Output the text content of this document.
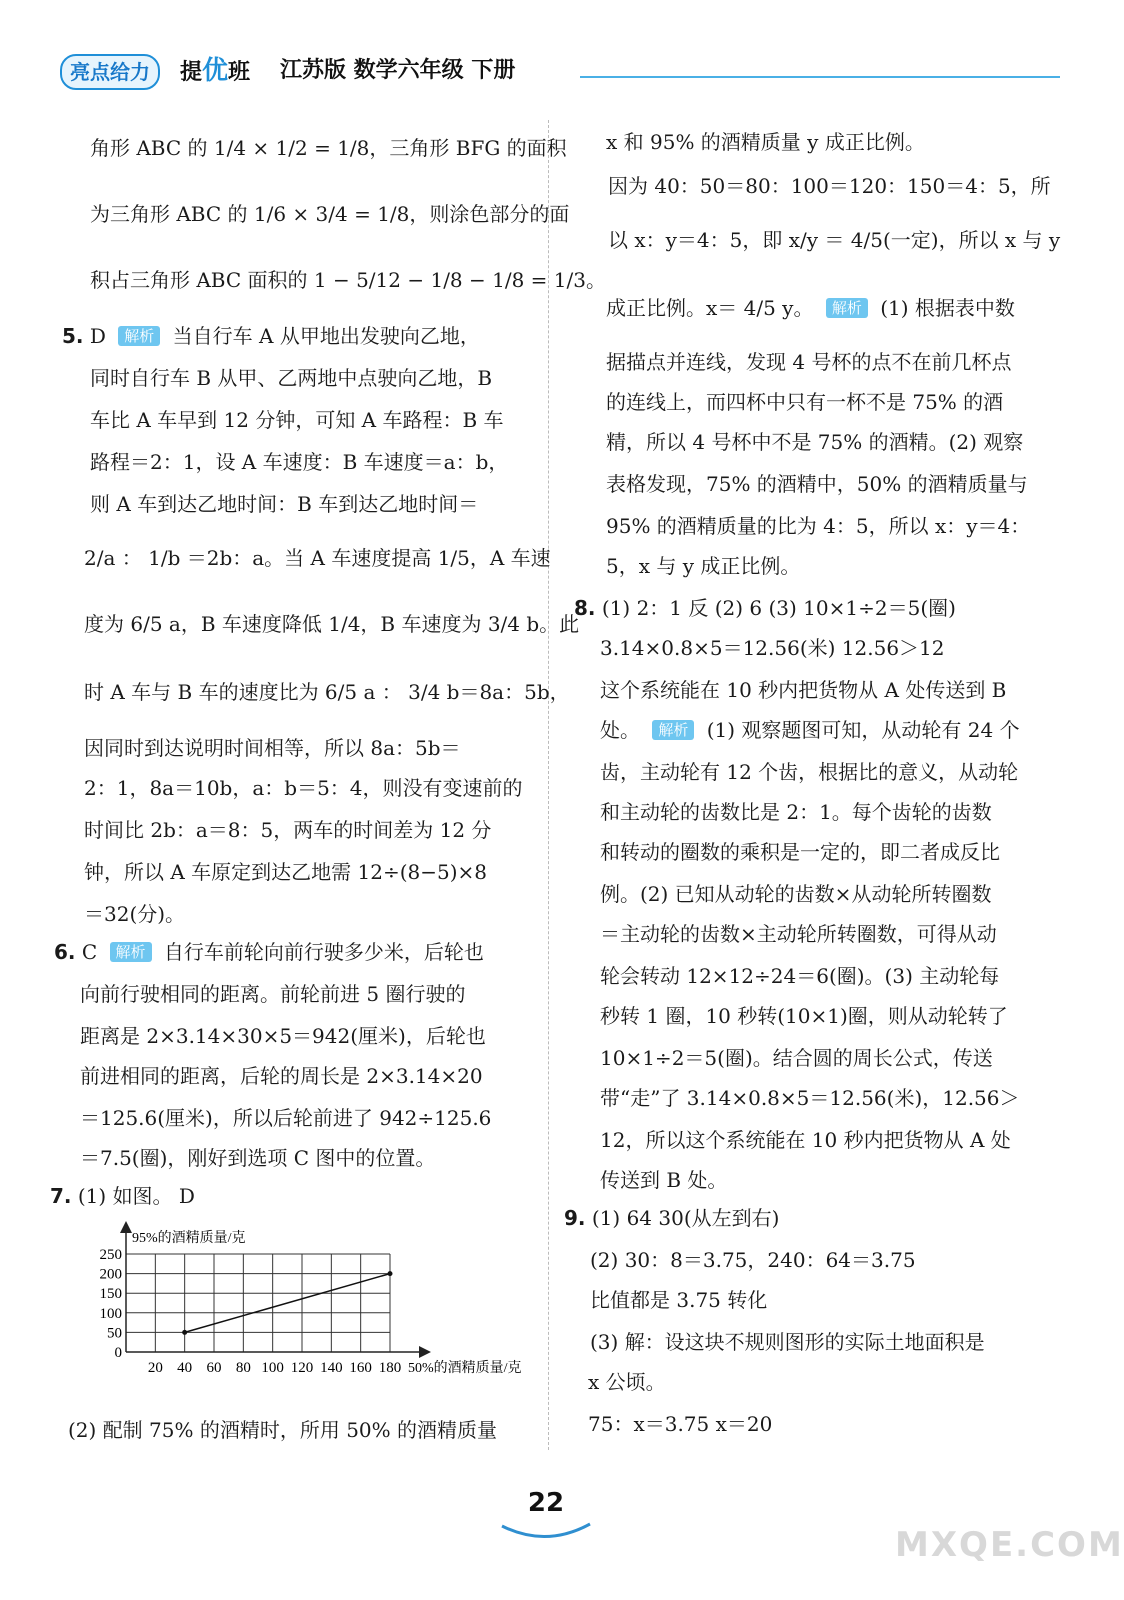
亮点给力	提优班 江苏版 数学六年级 下册
角形 ABC 的 1/4 × 1/2 = 1/8，三角形 BFG 的面积
为三角形 ABC 的 1/6 × 3/4 = 1/8，则涂色部分的面
积占三角形 ABC 面积的 1 − 5/12 − 1/8 − 1/8 = 1/3。
5. D 解析 当自行车 A 从甲地出发驶向乙地，
同时自行车 B 从甲、乙两地中点驶向乙地，B
车比 A 车早到 12 分钟，可知 A 车路程：B 车
路程＝2：1，设 A 车速度：B 车速度＝a：b，
则 A 车到达乙地时间：B 车到达乙地时间＝
2/a ： 1/b ＝2b：a。当 A 车速度提高 1/5，A 车速
度为 6/5 a，B 车速度降低 1/4，B 车速度为 3/4 b。此
时 A 车与 B 车的速度比为 6/5 a ： 3/4 b＝8a：5b，
因同时到达说明时间相等，所以 8a：5b＝
2：1，8a＝10b，a：b＝5：4，则没有变速前的
时间比 2b：a＝8：5，两车的时间差为 12 分
钟，所以 A 车原定到达乙地需 12÷(8−5)×8
＝32(分)。
6. C 解析 自行车前轮向前行驶多少米，后轮也
向前行驶相同的距离。前轮前进 5 圈行驶的
距离是 2×3.14×30×5＝942(厘米)，后轮也
前进相同的距离，后轮的周长是 2×3.14×20
＝125.6(厘米)，所以后轮前进了 942÷125.6
＝7.5(圈)，刚好到选项 C 图中的位置。
7. (1) 如图。 D
(2) 配制 75% 的酒精时，所用 50% 的酒精质量
95%的酒精质量/克
0
50
100
150
200
250
20 40 60 80 100 120 140 160 180 50%的酒精质量/克
x 和 95% 的酒精质量 y 成正比例。
因为 40：50＝80：100＝120：150＝4：5，所
以 x：y＝4：5，即 x/y ＝ 4/5(一定)，所以 x 与 y
成正比例。x＝ 4/5 y。 解析 (1) 根据表中数
据描点并连线，发现 4 号杯的点不在前几杯点
的连线上，而四杯中只有一杯不是 75% 的酒
精，所以 4 号杯中不是 75% 的酒精。(2) 观察
表格发现，75% 的酒精中，50% 的酒精质量与
95% 的酒精质量的比为 4：5，所以 x：y＝4：
5，x 与 y 成正比例。
8. (1) 2：1 反 (2) 6 (3) 10×1÷2＝5(圈)
3.14×0.8×5＝12.56(米) 12.56＞12
这个系统能在 10 秒内把货物从 A 处传送到 B
处。 解析 (1) 观察题图可知，从动轮有 24 个
齿，主动轮有 12 个齿，根据比的意义，从动轮
和主动轮的齿数比是 2：1。每个齿轮的齿数
和转动的圈数的乘积是一定的，即二者成反比
例。(2) 已知从动轮的齿数×从动轮所转圈数
＝主动轮的齿数×主动轮所转圈数，可得从动
轮会转动 12×12÷24＝6(圈)。(3) 主动轮每
秒转 1 圈，10 秒转(10×1)圈，则从动轮转了
10×1÷2＝5(圈)。结合圆的周长公式，传送
带“走”了 3.14×0.8×5＝12.56(米)，12.56＞
12，所以这个系统能在 10 秒内把货物从 A 处
传送到 B 处。
9. (1) 64 30(从左到右)
(2) 30：8＝3.75，240：64＝3.75
比值都是 3.75 转化
(3) 解：设这块不规则图形的实际土地面积是
x 公顷。
75：x＝3.75 x＝20
22
MXQE.COM
